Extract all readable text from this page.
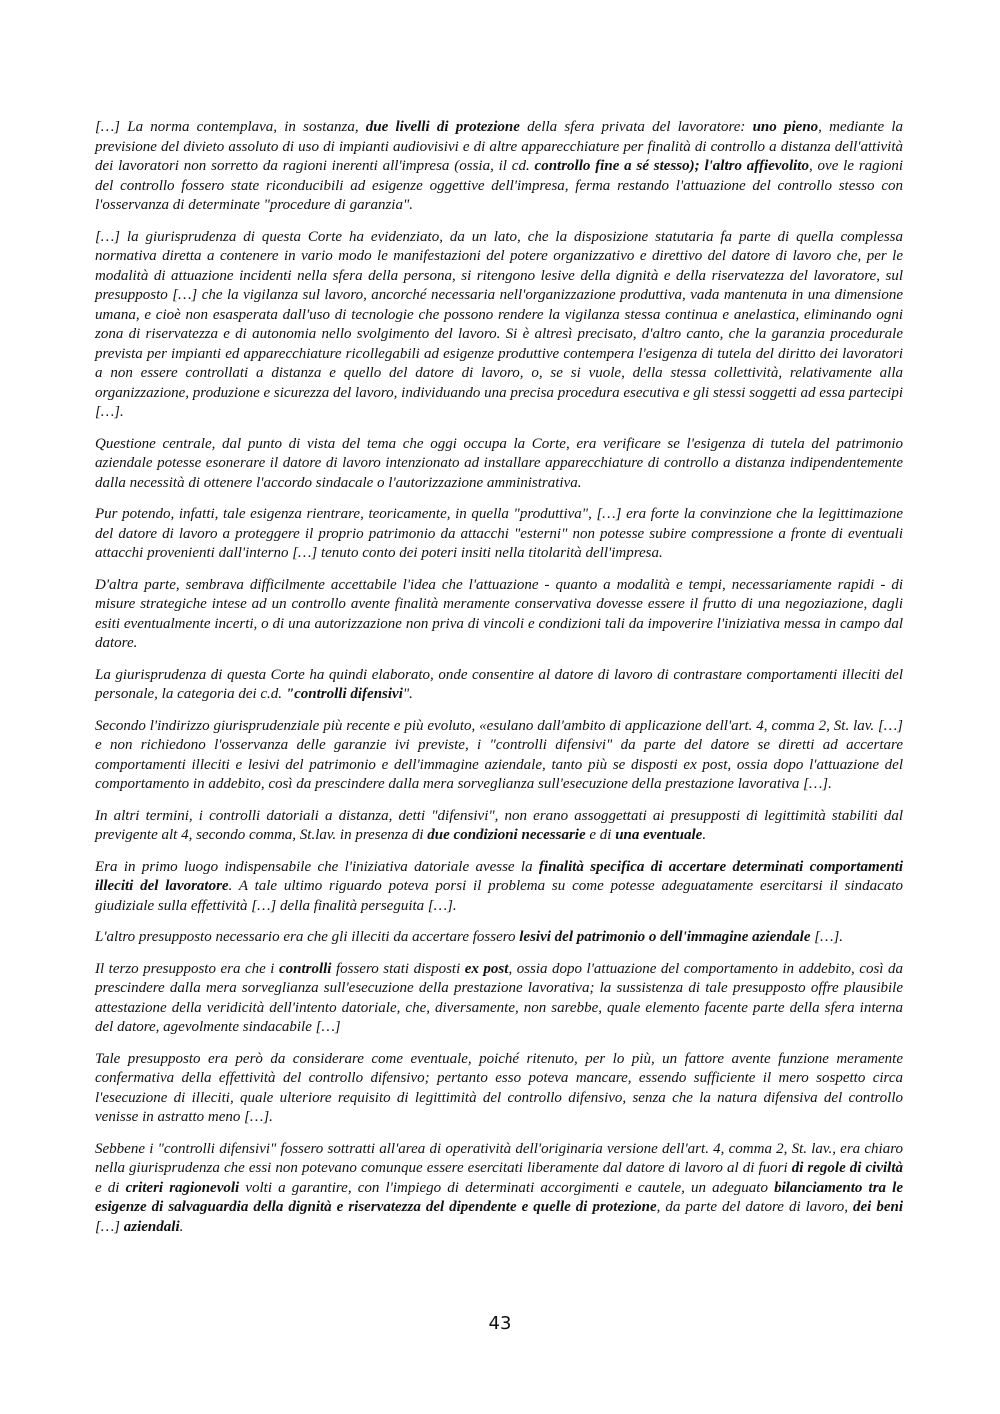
[…] La norma contemplava, in sostanza, due livelli di protezione della sfera privata del lavoratore: uno pieno, mediante la previsione del divieto assoluto di uso di impianti audiovisivi e di altre apparecchiature per finalità di controllo a distanza dell'attività dei lavoratori non sorretto da ragioni inerenti all'impresa (ossia, il cd. controllo fine a sé stesso); l'altro affievolito, ove le ragioni del controllo fossero state riconducibili ad esigenze oggettive dell'impresa, ferma restando l'attuazione del controllo stesso con l'osservanza di determinate "procedure di garanzia".

[…] la giurisprudenza di questa Corte ha evidenziato, da un lato, che la disposizione statutaria fa parte di quella complessa normativa diretta a contenere in vario modo le manifestazioni del potere organizzativo e direttivo del datore di lavoro che, per le modalità di attuazione incidenti nella sfera della persona, si ritengono lesive della dignità e della riservatezza del lavoratore, sul presupposto […] che la vigilanza sul lavoro, ancorché necessaria nell'organizzazione produttiva, vada mantenuta in una dimensione umana, e cioè non esasperata dall'uso di tecnologie che possono rendere la vigilanza stessa continua e anelastica, eliminando ogni zona di riservatezza e di autonomia nello svolgimento del lavoro. Si è altresì precisato, d'altro canto, che la garanzia procedurale prevista per impianti ed apparecchiature ricollegabili ad esigenze produttive contempera l'esigenza di tutela del diritto dei lavoratori a non essere controllati a distanza e quello del datore di lavoro, o, se si vuole, della stessa collettività, relativamente alla organizzazione, produzione e sicurezza del lavoro, individuando una precisa procedura esecutiva e gli stessi soggetti ad essa partecipi […].

Questione centrale, dal punto di vista del tema che oggi occupa la Corte, era verificare se l'esigenza di tutela del patrimonio aziendale potesse esonerare il datore di lavoro intenzionato ad installare apparecchiature di controllo a distanza indipendentemente dalla necessità di ottenere l'accordo sindacale o l'autorizzazione amministrativa.

Pur potendo, infatti, tale esigenza rientrare, teoricamente, in quella "produttiva", […] era forte la convinzione che la legittimazione del datore di lavoro a proteggere il proprio patrimonio da attacchi "esterni" non potesse subire compressione a fronte di eventuali attacchi provenienti dall'interno […] tenuto conto dei poteri insiti nella titolarità dell'impresa.

D'altra parte, sembrava difficilmente accettabile l'idea che l'attuazione - quanto a modalità e tempi, necessariamente rapidi - di misure strategiche intese ad un controllo avente finalità meramente conservativa dovesse essere il frutto di una negoziazione, dagli esiti eventualmente incerti, o di una autorizzazione non priva di vincoli e condizioni tali da impoverire l'iniziativa messa in campo dal datore.

La giurisprudenza di questa Corte ha quindi elaborato, onde consentire al datore di lavoro di contrastare comportamenti illeciti del personale, la categoria dei c.d. "controlli difensivi".

Secondo l'indirizzo giurisprudenziale più recente e più evoluto, «esulano dall'ambito di applicazione dell'art. 4, comma 2, St. lav. […] e non richiedono l'osservanza delle garanzie ivi previste, i "controlli difensivi" da parte del datore se diretti ad accertare comportamenti illeciti e lesivi del patrimonio e dell'immagine aziendale, tanto più se disposti ex post, ossia dopo l'attuazione del comportamento in addebito, così da prescindere dalla mera sorveglianza sull'esecuzione della prestazione lavorativa […].

In altri termini, i controlli datoriali a distanza, detti "difensivi", non erano assoggettati ai presupposti di legittimità stabiliti dal previgente alt 4, secondo comma, St.lav. in presenza di due condizioni necessarie e di una eventuale.

Era in primo luogo indispensabile che l'iniziativa datoriale avesse la finalità specifica di accertare determinati comportamenti illeciti del lavoratore. A tale ultimo riguardo poteva porsi il problema su come potesse adeguatamente esercitarsi il sindacato giudiziale sulla effettività […] della finalità perseguita […].

L'altro presupposto necessario era che gli illeciti da accertare fossero lesivi del patrimonio o dell'immagine aziendale […].

Il terzo presupposto era che i controlli fossero stati disposti ex post, ossia dopo l'attuazione del comportamento in addebito, così da prescindere dalla mera sorveglianza sull'esecuzione della prestazione lavorativa; la sussistenza di tale presupposto offre plausibile attestazione della veridicità dell'intento datoriale, che, diversamente, non sarebbe, quale elemento facente parte della sfera interna del datore, agevolmente sindacabile […]

Tale presupposto era però da considerare come eventuale, poiché ritenuto, per lo più, un fattore avente funzione meramente confermativa della effettività del controllo difensivo; pertanto esso poteva mancare, essendo sufficiente il mero sospetto circa l'esecuzione di illeciti, quale ulteriore requisito di legittimità del controllo difensivo, senza che la natura difensiva del controllo venisse in astratto meno […].

Sebbene i "controlli difensivi" fossero sottratti all'area di operatività dell'originaria versione dell'art. 4, comma 2, St. lav., era chiaro nella giurisprudenza che essi non potevano comunque essere esercitati liberamente dal datore di lavoro al di fuori di regole di civiltà e di criteri ragionevoli volti a garantire, con l'impiego di determinati accorgimenti e cautele, un adeguato bilanciamento tra le esigenze di salvaguardia della dignità e riservatezza del dipendente e quelle di protezione, da parte del datore di lavoro, dei beni […] aziendali.

43
